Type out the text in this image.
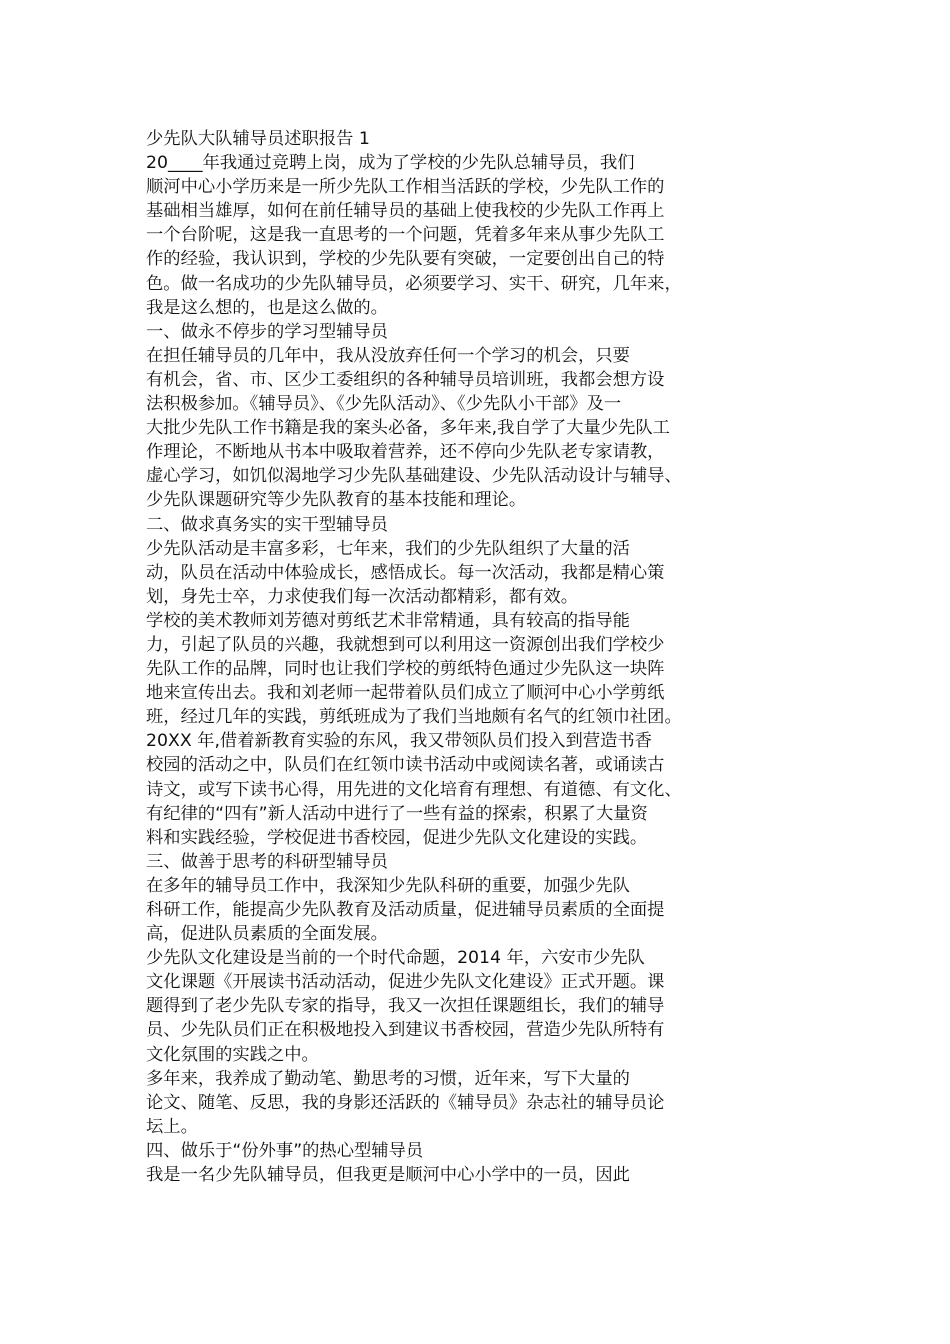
少先队大队辅导员述职报告 1
20____年我通过竞聘上岗，成为了学校的少先队总辅导员，我们
顺河中心小学历来是一所少先队工作相当活跃的学校，少先队工作的
基础相当雄厚，如何在前任辅导员的基础上使我校的少先队工作再上
一个台阶呢，这是我一直思考的一个问题，凭着多年来从事少先队工
作的经验，我认识到，学校的少先队要有突破，一定要创出自己的特
色。做一名成功的少先队辅导员，必须要学习、实干、研究，几年来，
我是这么想的，也是这么做的。
一、做永不停步的学习型辅导员
在担任辅导员的几年中，我从没放弃任何一个学习的机会，只要
有机会，省、市、区少工委组织的各种辅导员培训班，我都会想方设
法积极参加。《辅导员》、《少先队活动》、《少先队小干部》及一
大批少先队工作书籍是我的案头必备，多年来,我自学了大量少先队工
作理论，不断地从书本中吸取着营养，还不停向少先队老专家请教，
虚心学习，如饥似渴地学习少先队基础建设、少先队活动设计与辅导、
少先队课题研究等少先队教育的基本技能和理论。
二、做求真务实的实干型辅导员
少先队活动是丰富多彩，七年来，我们的少先队组织了大量的活
动，队员在活动中体验成长，感悟成长。每一次活动，我都是精心策
划，身先士卒，力求使我们每一次活动都精彩，都有效。
学校的美术教师刘芳德对剪纸艺术非常精通，具有较高的指导能
力，引起了队员的兴趣，我就想到可以利用这一资源创出我们学校少
先队工作的品牌，同时也让我们学校的剪纸特色通过少先队这一块阵
地来宣传出去。我和刘老师一起带着队员们成立了顺河中心小学剪纸
班，经过几年的实践，剪纸班成为了我们当地颇有名气的红领巾社团。
20XX 年,借着新教育实验的东风，我又带领队员们投入到营造书香
校园的活动之中，队员们在红领巾读书活动中或阅读名著，或诵读古
诗文，或写下读书心得，用先进的文化培育有理想、有道德、有文化、
有纪律的“四有”新人活动中进行了一些有益的探索，积累了大量资
料和实践经验，学校促进书香校园，促进少先队文化建设的实践。
三、做善于思考的科研型辅导员
在多年的辅导员工作中，我深知少先队科研的重要，加强少先队
科研工作，能提高少先队教育及活动质量，促进辅导员素质的全面提
高，促进队员素质的全面发展。
少先队文化建设是当前的一个时代命题，2014 年，六安市少先队
文化课题《开展读书活动活动，促进少先队文化建设》正式开题。课
题得到了老少先队专家的指导，我又一次担任课题组长，我们的辅导
员、少先队员们正在积极地投入到建议书香校园，营造少先队所特有
文化氛围的实践之中。
多年来，我养成了勤动笔、勤思考的习惯，近年来，写下大量的
论文、随笔、反思，我的身影还活跃的《辅导员》杂志社的辅导员论
坛上。
四、做乐于“份外事”的热心型辅导员
我是一名少先队辅导员，但我更是顺河中心小学中的一员，因此
